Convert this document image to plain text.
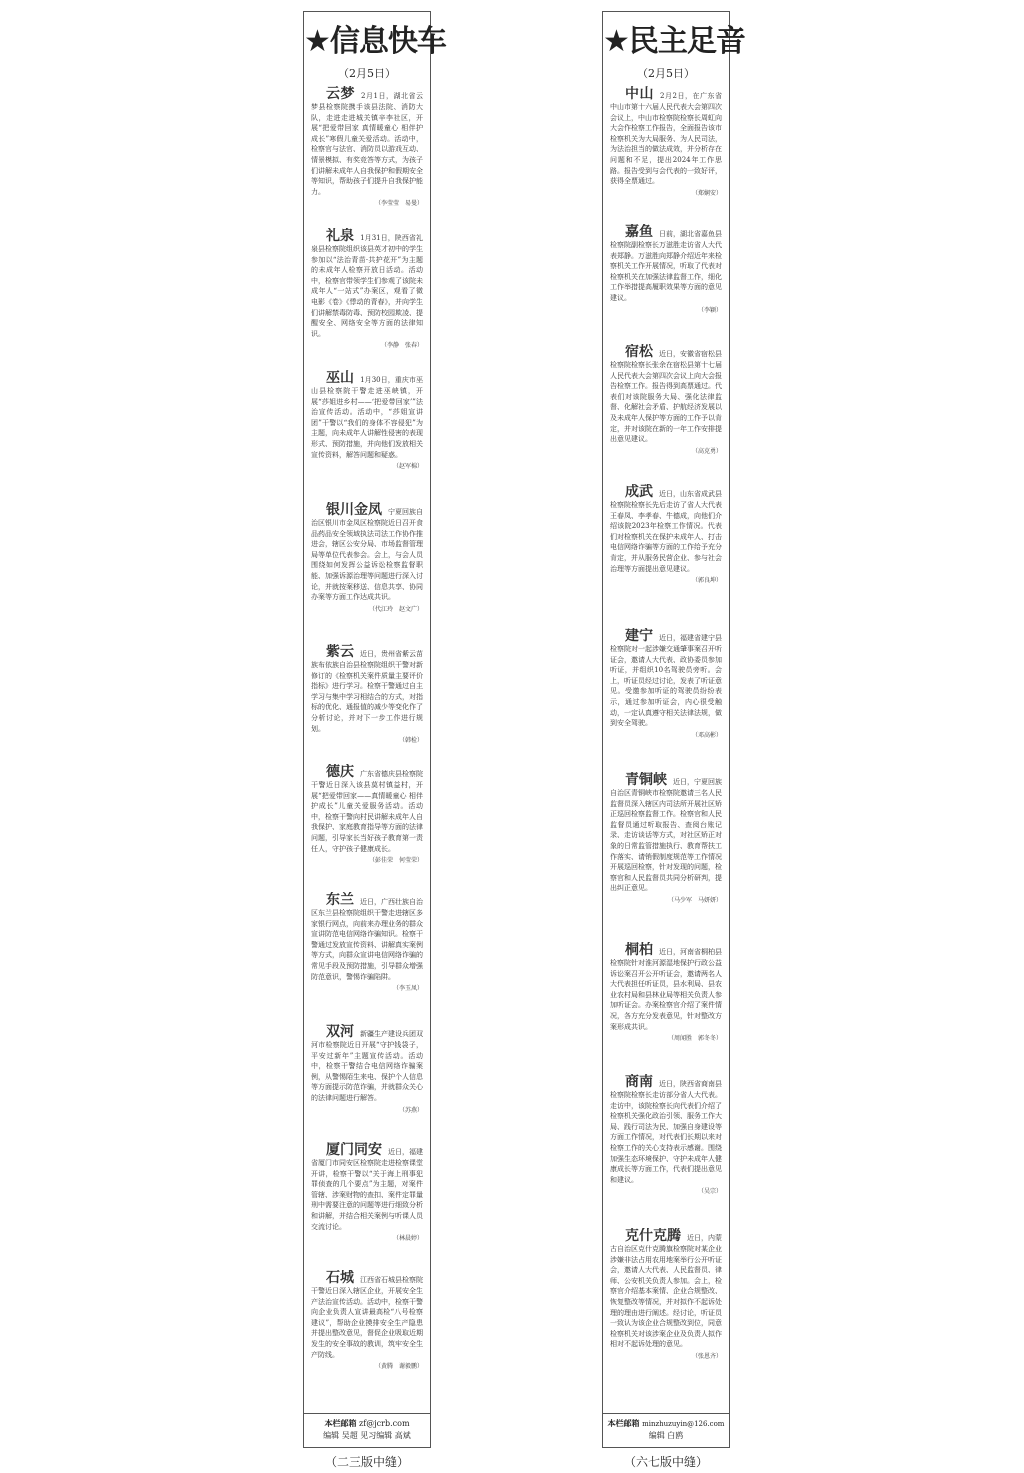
★信息快车
（2月5日）
云梦 2月1日，湖北省云梦县检察院携手该县法院、消防大队，走进走进城关镇辛李社区，开展“把爱带回家 真情暖童心 相伴护成长”寒假儿童关爱活动。活动中，检察官与法官、消防员以游戏互动、情景模拟、有奖竞答等方式，为孩子们讲解未成年人自我保护和假期安全等知识，帮助孩子们提升自我保护能力。
（李莹莹　易曼）
礼泉 1月31日，陕西省礼泉县检察院组织该县英才初中的学生参加以“法治青苗·共护花开”为主题的未成年人检察开放日活动。活动中，检察官带领学生们参观了该院未成年人“一站式”办案区，观看了微电影《卷》《悸动的青春》，并向学生们讲解禁毒防毒、预防校园欺凌、提醒安全、网络安全等方面的法律知识。
（李静　张春）
巫山 1月30日，重庆市巫山县检察院干警走进巫峡镇，开展“莎姐进乡村——‘把爱带回家’”法治宣传活动。活动中，“莎姐宣讲团”干警以“我们的身体不容侵犯”为主题，向未成年人讲解性侵害的表现形式、预防措施，并向他们发放相关宣传资料，解答问题和疑惑。
（赵军棉）
银川金凤 宁夏回族自治区银川市金凤区检察院近日召开食品药品安全领域执法司法工作协作推进会，辖区公安分局、市场监督管理局等单位代表参会。会上，与会人员围绕如何发挥公益诉讼检察监督职能、加强诉源治理等问题进行深入讨论，并就按案移送、信息共享、协同办案等方面工作达成共识。
（代江玲　赵文广）
紫云 近日，贵州省紫云苗族布依族自治县检察院组织干警对新修订的《检察机关案件质量主要评价指标》进行学习。检察干警通过自主学习与集中学习相结合的方式，对指标的优化、通报值的减少等变化作了分析讨论，并对下一步工作进行规划。
（韩检）
德庆 广东省德庆县检察院干警近日深入该县莫村镇益村，开展“把爱带回家——真情暖童心 相伴护成长”儿童关爱服务活动。活动中，检察干警向村民讲解未成年人自我保护、家庭教育指导等方面的法律问题，引导家长当好孩子教育第一责任人，守护孩子健康成长。
（彭佳荣　何莹荣）
东兰 近日，广西壮族自治区东兰县检察院组织干警走进辖区多家银行网点，向前来办理业务的群众宣讲防范电信网络诈骗知识。检察干警通过发放宣传资料、讲解真实案例等方式，向群众宣讲电信网络诈骗的常见手段及预防措施，引导群众增强防范意识，警惕诈骗陷阱。
（李玉凤）
双河 新疆生产建设兵团双河市检察院近日开展“守护钱袋子，平安过新年”主题宣传活动。活动中，检察干警结合电信网络诈骗案例，从警惕陌生来电、保护个人信息等方面提示防范诈骗，并就群众关心的法律问题进行解答。
（苏燕）
厦门同安 近日，福建省厦门市同安区检察院走进检察课堂开讲，检察干警以“关于海上刑事犯罪侦查的几个要点”为主题，对案件管辖、涉案财物的查扣、案件定罪量刑中需要注意的问题等进行细致分析和讲解，并结合相关案例与听课人员交流讨论。
（林晨婷）
石城 江西省石城县检察院干警近日深入辖区企业，开展安全生产法治宣传活动。活动中，检察干警向企业负责人宣讲最高检“八号检察建议”，帮助企业摸排安全生产隐患并提出整改意见，督促企业吸取近期发生的安全事故的教训，筑牢安全生产防线。
（黄腾　谢毅鹏）
本栏邮箱 zf@jcrb.com
编辑 吴超 见习编辑 高斌
（二三版中缝）
★民主足音
（2月5日）
中山 2月2日，在广东省中山市第十六届人民代表大会第四次会议上，中山市检察院检察长周虹向大会作检察工作报告，全面报告该市检察机关为大局服务、为人民司法，为法治担当的做法成效，并分析存在问题和不足，提出2024年工作思路。报告受到与会代表的一致好评，获得全票通过。
（郑娴安）
嘉鱼 日前，湖北省嘉鱼县检察院副检察长万滋胜走访省人大代表郑静。万滋胜向郑静介绍近年来检察机关工作开展情况，听取了代表对检察机关在加强法律监督工作，细化工作举措提高履职效果等方面的意见建议。
（李颖）
宿松 近日，安徽省宿松县检察院检察长张余在宿松县第十七届人民代表大会第四次会议上向大会报告检察工作。报告得到高票通过。代表们对该院服务大局、强化法律监督、化解社会矛盾、护航经济发展以及未成年人保护等方面的工作予以肯定，并对该院在新的一年工作安排提出意见建议。
（高克勇）
成武 近日，山东省成武县检察院检察长先后走访了省人大代表王春凤、李孝春、牛德成，向他们介绍该院2023年检察工作情况。代表们对检察机关在保护未成年人、打击电信网络诈骗等方面的工作给予充分肯定，并从服务民营企业、参与社会治理等方面提出意见建议。
（郭良坤）
建宁 近日，福建省建宁县检察院对一起涉嫌交通肇事案召开听证会，邀请人大代表、政协委员参加听证，并组织10名驾驶员旁听。会上，听证员经过讨论，发表了听证意见。受邀参加听证的驾驶员纷纷表示，通过参加听证会，内心很受触动，一定认真遵守相关法律法规，做到安全驾驶。
（邓高彬）
青铜峡 近日，宁夏回族自治区青铜峡市检察院邀请三名人民监督员深入辖区内司法所开展社区矫正巡回检察监督工作。检察官和人民监督员通过听取报告、查阅台账记录、走访谈话等方式，对社区矫正对象的日常监管措施执行、教育帮扶工作落实、请销假制度规范等工作情况开展巡回检察，针对发现的问题，检察官和人民监督员共同分析研判，提出纠正意见。
（马少军　马妍妍）
桐柏 近日，河南省桐柏县检察院针对淮河源湿地保护行政公益诉讼案召开公开听证会，邀请两名人大代表担任听证员，县水利局、县农业农村局和县林业局等相关负责人参加听证会。办案检察官介绍了案件情况，各方充分发表意见，针对整改方案形成共识。
（周闻胜　郭冬冬）
商南 近日，陕西省商南县检察院检察长走访部分省人大代表。走访中，该院检察长向代表们介绍了检察机关强化政治引领、服务工作大局、践行司法为民、加强自身建设等方面工作情况，对代表们长期以来对检察工作的关心支持表示感谢。围绕加强生态环境保护、守护未成年人健康成长等方面工作，代表们提出意见和建议。
（吴宗）
克什克腾 近日，内蒙古自治区克什克腾旗检察院对某企业涉嫌非法占用农用地案举行公开听证会，邀请人大代表、人民监督员、律师、公安机关负责人参加。会上，检察官介绍基本案情、企业合规整改、恢复整改等情况，并对拟作不起诉处理的理由进行阐述。经讨论，听证员一致认为该企业合规整改到位，同意检察机关对该涉案企业及负责人拟作相对不起诉处理的意见。
（张恩齐）
本栏邮箱 minzhuzuyin@126.com
编辑 白鸥
（六七版中缝）
